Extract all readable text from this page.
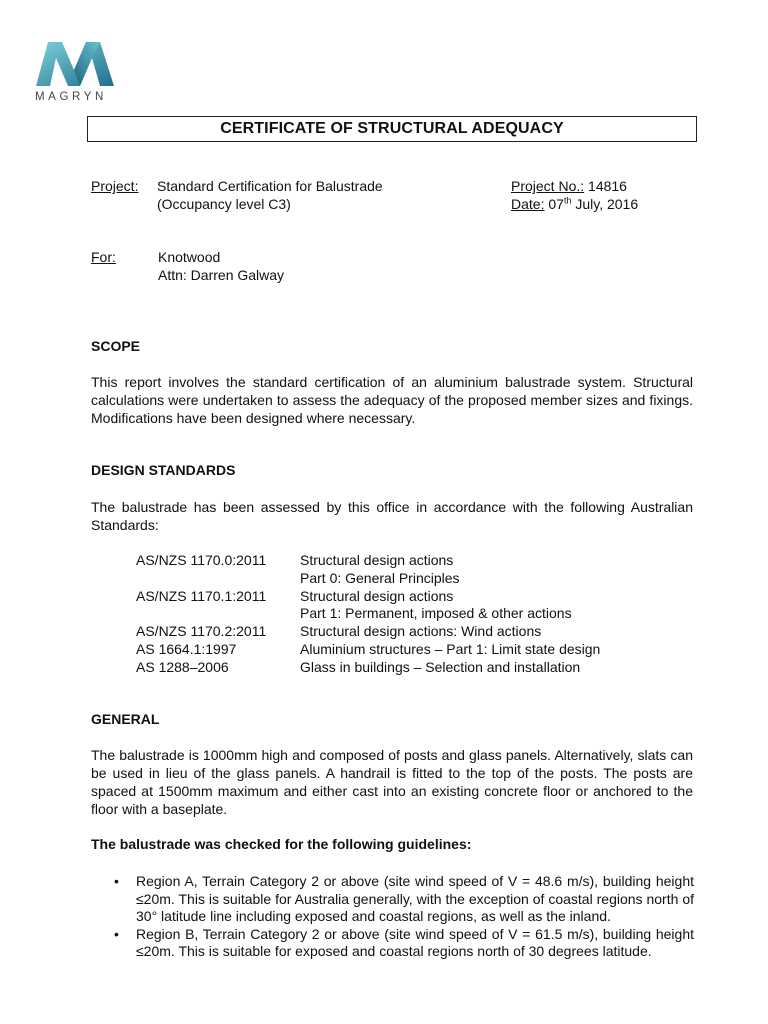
MAGRYN
CERTIFICATE OF STRUCTURAL ADEQUACY
Project: Standard Certification for Balustrade
(Occupancy level C3)
Project No.: 14816
Date: 07th July, 2016
For:	Knotwood
Attn: Darren Galway
SCOPE
This report involves the standard certification of an aluminium balustrade system. Structural calculations were undertaken to assess the adequacy of the proposed member sizes and fixings. Modifications have been designed where necessary.
DESIGN STANDARDS
The balustrade has been assessed by this office in accordance with the following Australian Standards:
AS/NZS 1170.0:2011 Structural design actions
Part 0: General Principles
AS/NZS 1170.1:2011 Structural design actions
Part 1: Permanent, imposed & other actions
AS/NZS 1170.2:2011 Structural design actions: Wind actions
AS 1664.1:1997	Aluminium structures – Part 1: Limit state design
AS 1288–2006	Glass in buildings – Selection and installation
GENERAL
The balustrade is 1000mm high and composed of posts and glass panels. Alternatively, slats can be used in lieu of the glass panels. A handrail is fitted to the top of the posts. The posts are spaced at 1500mm maximum and either cast into an existing concrete floor or anchored to the floor with a baseplate.
The balustrade was checked for the following guidelines:
• Region A, Terrain Category 2 or above (site wind speed of V = 48.6 m/s), building height ≤20m. This is suitable for Australia generally, with the exception of coastal regions north of 30° latitude line including exposed and coastal regions, as well as the inland.
• Region B, Terrain Category 2 or above (site wind speed of V = 61.5 m/s), building height ≤20m. This is suitable for exposed and coastal regions north of 30 degrees latitude.
